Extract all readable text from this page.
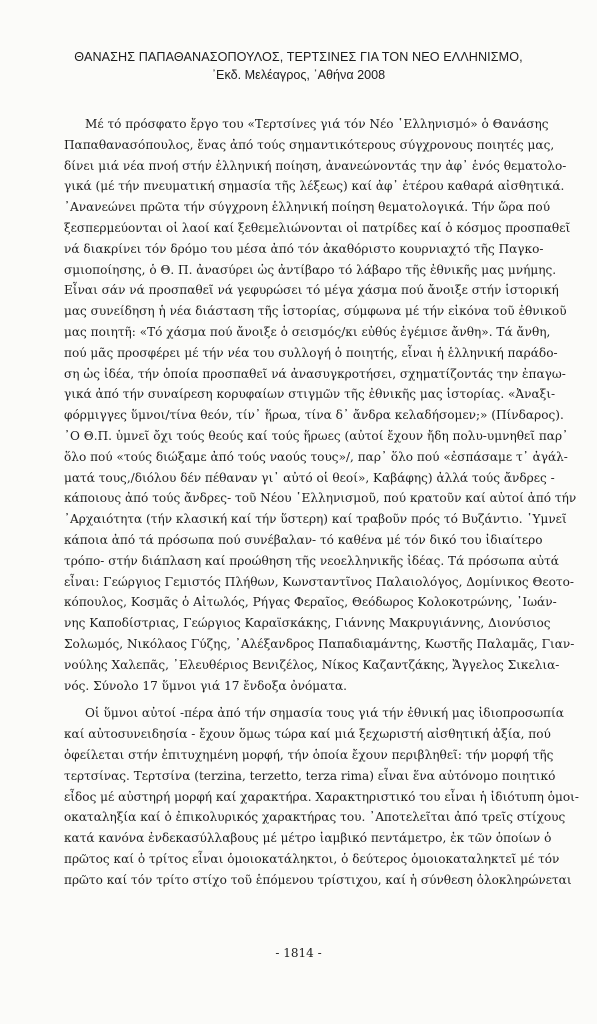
ΘΑΝΑΣΗΣ ΠΑΠΑΘΑΝΑΣΟΠΟΥΛΟΣ, ΤΕΡΤΣΙΝΕΣ ΓΙΑ ΤΟΝ ΝΕΟ ΕΛΛΗΝΙΣΜΟ,
᾿Εκδ. Μελέαγρος, ᾿Αθήνα 2008
Μέ τό πρόσφατο ἔργο του «Τερτσίνες γιά τόν Νέο ῾Ελληνισμό» ὁ Θανάσης
Παπαθανασόπουλος, ἕνας ἀπό τούς σημαντικότερους σύγχρονους ποιητές μας,
δίνει μιά νέα πνοή στήν ἑλληνική ποίηση, ἀνανεώνοντάς την ἀφ᾿ ἑνός θεματολο-
γικά (μέ τήν πνευματική σημασία τῆς λέξεως) καί ἀφ᾿ ἑτέρου καθαρά αἰσθητικά.
᾿Ανανεώνει πρῶτα τήν σύγχρονη ἑλληνική ποίηση θεματολογικά. Τήν ὥρα πού
ξεσπερμεύονται οἱ λαοί καί ξεθεμελιώνονται οἱ πατρίδες καί ὁ κόσμος προσπαθεῖ
νά διακρίνει τόν δρόμο του μέσα ἀπό τόν ἀκαθόριστο κουρνιαχτό τῆς Παγκο-
σμιοποίησης, ὁ Θ. Π. ἀνασύρει ὡς ἀντίβαρο τό λάβαρο τῆς ἐθνικῆς μας μνήμης.
Εἶναι σάν νά προσπαθεῖ νά γεφυρώσει τό μέγα χάσμα πού ἄνοιξε στήν ἱστορική
μας συνείδηση ἡ νέα διάσταση τῆς ἱστορίας, σύμφωνα μέ τήν εἰκόνα τοῦ ἐθνικοῦ
μας ποιητῆ: «Τό χάσμα πού ἄνοιξε ὁ σεισμός/κι εὐθύς ἐγέμισε ἄνθη». Τά ἄνθη,
πού μᾶς προσφέρει μέ τήν νέα του συλλογή ὁ ποιητής, εἶναι ἡ ἑλληνική παράδο-
ση ὡς ἰδέα, τήν ὁποία προσπαθεῖ νά ἀνασυγκροτήσει, σχηματίζοντάς την ἐπαγω-
γικά ἀπό τήν συναίρεση κορυφαίων στιγμῶν τῆς ἐθνικῆς μας ἱστορίας. «Ἀναξι-
φόρμιγγες ὕμνοι/τίνα θεόν, τίν᾿ ἥρωα, τίνα δ᾿ ἄνδρα κελαδήσομεν;» (Πίνδαρος).
᾿Ο Θ.Π. ὑμνεῖ ὄχι τούς θεούς καί τούς ἥρωες (αὐτοί ἔχουν ἤδη πολυ-υμνηθεῖ παρ᾿
ὅλο πού «τούς διώξαμε ἀπό τούς ναούς τους»/, παρ᾿ ὅλο πού «ἐσπάσαμε τ᾿ ἀγάλ-
ματά τους,/διόλου δέν πέθαναν γι᾿ αὐτό οἱ θεοί», Καβάφης) ἀλλά τούς ἄνδρες -
κάποιους ἀπό τούς ἄνδρες- τοῦ Νέου ῾Ελληνισμοῦ, πού κρατοῦν καί αὐτοί ἀπό τήν
᾿Αρχαιότητα (τήν κλασική καί τήν ὕστερη) καί τραβοῦν πρός τό Βυζάντιο. ῾Υμνεῖ
κάποια ἀπό τά πρόσωπα πού συνέβαλαν- τό καθένα μέ τόν δικό του ἰδιαίτερο
τρόπο- στήν διάπλαση καί προώθηση τῆς νεοελληνικῆς ἰδέας. Τά πρόσωπα αὐτά
εἶναι: Γεώργιος Γεμιστός Πλήθων, Κωνσταντῖνος Παλαιολόγος, Δομίνικος Θεοτο-
κόπουλος, Κοσμᾶς ὁ Αἰτωλός, Ρήγας Φεραῖος, Θεόδωρος Κολοκοτρώνης, ᾿Ιωάν-
νης Καποδίστριας, Γεώργιος Καραϊσκάκης, Γιάννης Μακρυγιάννης, Διονύσιος
Σολωμός, Νικόλαος Γύζης, ᾿Αλέξανδρος Παπαδιαμάντης, Κωστῆς Παλαμᾶς, Γιαν-
νούλης Χαλεπᾶς, ᾿Ελευθέριος Βενιζέλος, Νίκος Καζαντζάκης, Ἄγγελος Σικελια-
νός. Σύνολο 17 ὕμνοι γιά 17 ἔνδοξα ὀνόματα.
Οἱ ὕμνοι αὐτοί -πέρα ἀπό τήν σημασία τους γιά τήν ἐθνική μας ἰδιοπροσωπία
καί αὐτοσυνειδησία - ἔχουν ὅμως τώρα καί μιά ξεχωριστή αἰσθητική ἀξία, πού
ὀφείλεται στήν ἐπιτυχημένη μορφή, τήν ὁποία ἔχουν περιβληθεῖ: τήν μορφή τῆς
τερτσίνας. Τερτσίνα (terzina, terzetto, terza rima) εἶναι ἕνα αὐτόνομο ποιητικό
εἶδος μέ αὐστηρή μορφή καί χαρακτήρα. Χαρακτηριστικό του εἶναι ἡ ἰδιότυπη ὁμοι-
οκαταληξία καί ὁ ἐπικολυρικός χαρακτήρας του. ᾿Αποτελεῖται ἀπό τρεῖς στίχους
κατά κανόνα ἐνδεκασύλλαβους μέ μέτρο ἰαμβικό πεντάμετρο, ἐκ τῶν ὁποίων ὁ
πρῶτος καί ὁ τρίτος εἶναι ὁμοιοκατάληκτοι, ὁ δεύτερος ὁμοιοκαταληκτεῖ μέ τόν
πρῶτο καί τόν τρίτο στίχο τοῦ ἑπόμενου τρίστιχου, καί ἡ σύνθεση ὁλοκληρώνεται
- 1814 -
